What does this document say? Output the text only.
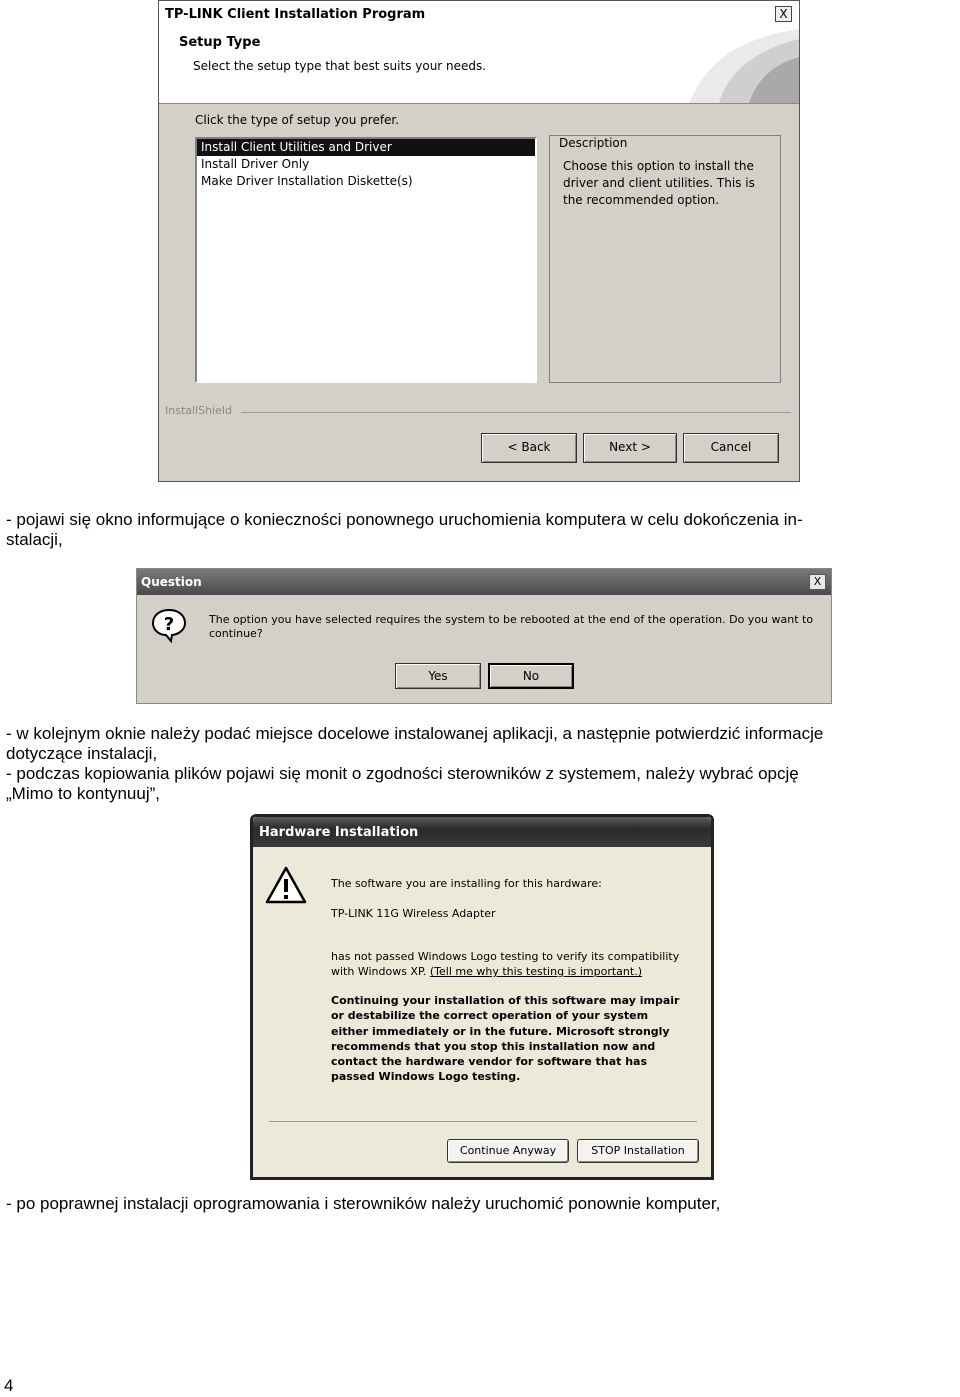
TP-LINK Client Installation Program	X
Setup Type
Select the setup type that best suits your needs.
Click the type of setup you prefer.
Install Client Utilities and Driver
Install Driver Only
Make Driver Installation Diskette(s)
Description
Choose this option to install the driver and client utilities. This is the recommended option.
InstallShield
< Back	Next >	Cancel
- pojawi się okno informujące o konieczności ponownego uruchomienia komputera w celu dokończenia in-
stalacji,
Question	X
?	The option you have selected requires the system to be rebooted at the end of the operation. Do you want to
continue?
Yes	No
- w kolejnym oknie należy podać miejsce docelowe instalowanej aplikacji, a następnie potwierdzić informacje
dotyczące instalacji,
- podczas kopiowania plików pojawi się monit o zgodności sterowników z systemem, należy wybrać opcję
„Mimo to kontynuuj”,
Hardware Installation
The software you are installing for this hardware:
TP-LINK 11G Wireless Adapter
has not passed Windows Logo testing to verify its compatibility
with Windows XP. (Tell me why this testing is important.)
Continuing your installation of this software may impair
or destabilize the correct operation of your system
either immediately or in the future. Microsoft strongly
recommends that you stop this installation now and
contact the hardware vendor for software that has
passed Windows Logo testing.
Continue Anyway	STOP Installation
- po poprawnej instalacji oprogramowania i sterowników należy uruchomić ponownie komputer,
4
